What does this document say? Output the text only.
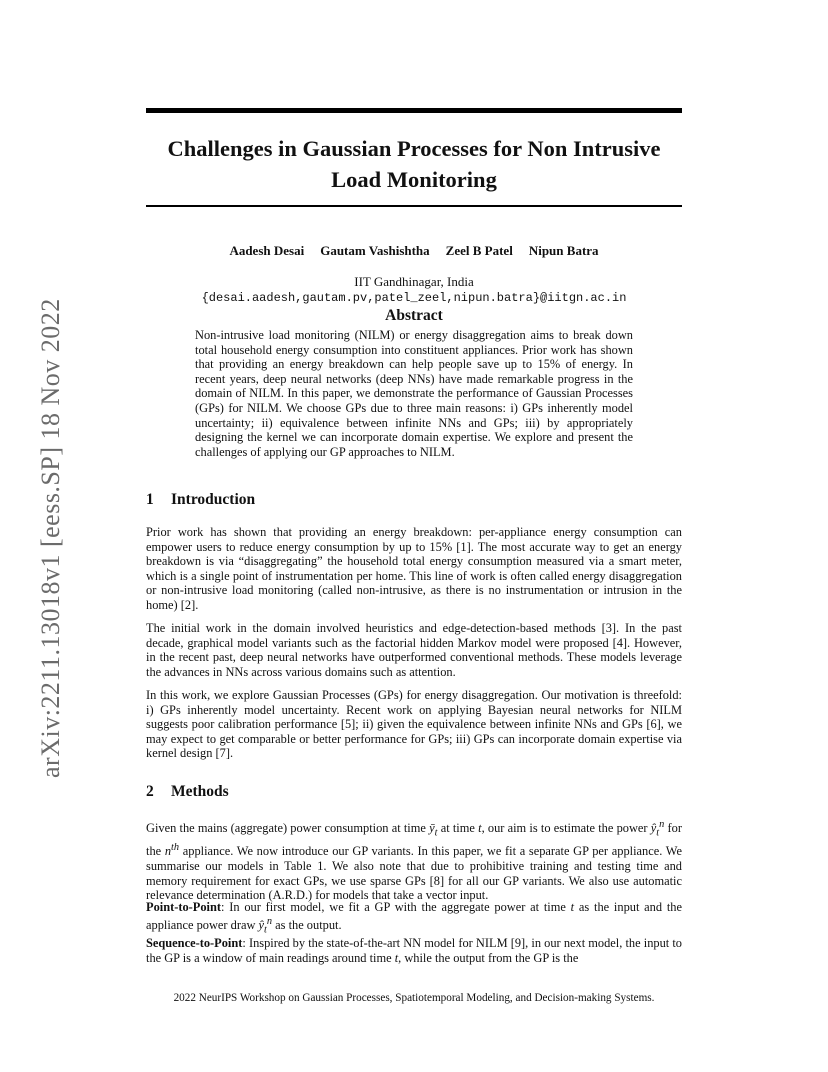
arXiv:2211.13018v1 [eess.SP] 18 Nov 2022
Challenges in Gaussian Processes for Non Intrusive
Load Monitoring
Aadesh Desai Gautam Vashishtha Zeel B Patel Nipun Batra
IIT Gandhinagar, India
{desai.aadesh,gautam.pv,patel_zeel,nipun.batra}@iitgn.ac.in
Abstract
Non-intrusive load monitoring (NILM) or energy disaggregation aims to break down total household energy consumption into constituent appliances. Prior work has shown that providing an energy breakdown can help people save up to 15% of energy. In recent years, deep neural networks (deep NNs) have made remarkable progress in the domain of NILM. In this paper, we demonstrate the performance of Gaussian Processes (GPs) for NILM. We choose GPs due to three main reasons: i) GPs inherently model uncertainty; ii) equivalence between infinite NNs and GPs; iii) by appropriately designing the kernel we can incorporate domain expertise. We explore and present the challenges of applying our GP approaches to NILM.
1 Introduction
Prior work has shown that providing an energy breakdown: per-appliance energy consumption can empower users to reduce energy consumption by up to 15% [1]. The most accurate way to get an energy breakdown is via “disaggregating” the household total energy consumption measured via a smart meter, which is a single point of instrumentation per home. This line of work is often called energy disaggregation or non-intrusive load monitoring (called non-intrusive, as there is no instrumentation or intrusion in the home) [2].
The initial work in the domain involved heuristics and edge-detection-based methods [3]. In the past decade, graphical model variants such as the factorial hidden Markov model were proposed [4]. However, in the recent past, deep neural networks have outperformed conventional methods. These models leverage the advances in NNs across various domains such as attention.
In this work, we explore Gaussian Processes (GPs) for energy disaggregation. Our motivation is threefold: i) GPs inherently model uncertainty. Recent work on applying Bayesian neural networks for NILM suggests poor calibration performance [5]; ii) given the equivalence between infinite NNs and GPs [6], we may expect to get comparable or better performance for GPs; iii) GPs can incorporate domain expertise via kernel design [7].
2 Methods
Given the mains (aggregate) power consumption at time $ȳ_t$ at time t, our aim is to estimate the power $ŷ_t^n$ for the $n^{th}$ appliance. We now introduce our GP variants. In this paper, we fit a separate GP per appliance. We summarise our models in Table 1. We also note that due to prohibitive training and testing time and memory requirement for exact GPs, we use sparse GPs [8] for all our GP variants. We also use automatic relevance determination (A.R.D.) for models that take a vector input.
Point-to-Point: In our first model, we fit a GP with the aggregate power at time t as the input and the appliance power draw $ŷ_t^n$ as the output.
Sequence-to-Point: Inspired by the state-of-the-art NN model for NILM [9], in our next model, the input to the GP is a window of main readings around time t, while the output from the GP is the
2022 NeurIPS Workshop on Gaussian Processes, Spatiotemporal Modeling, and Decision-making Systems.
